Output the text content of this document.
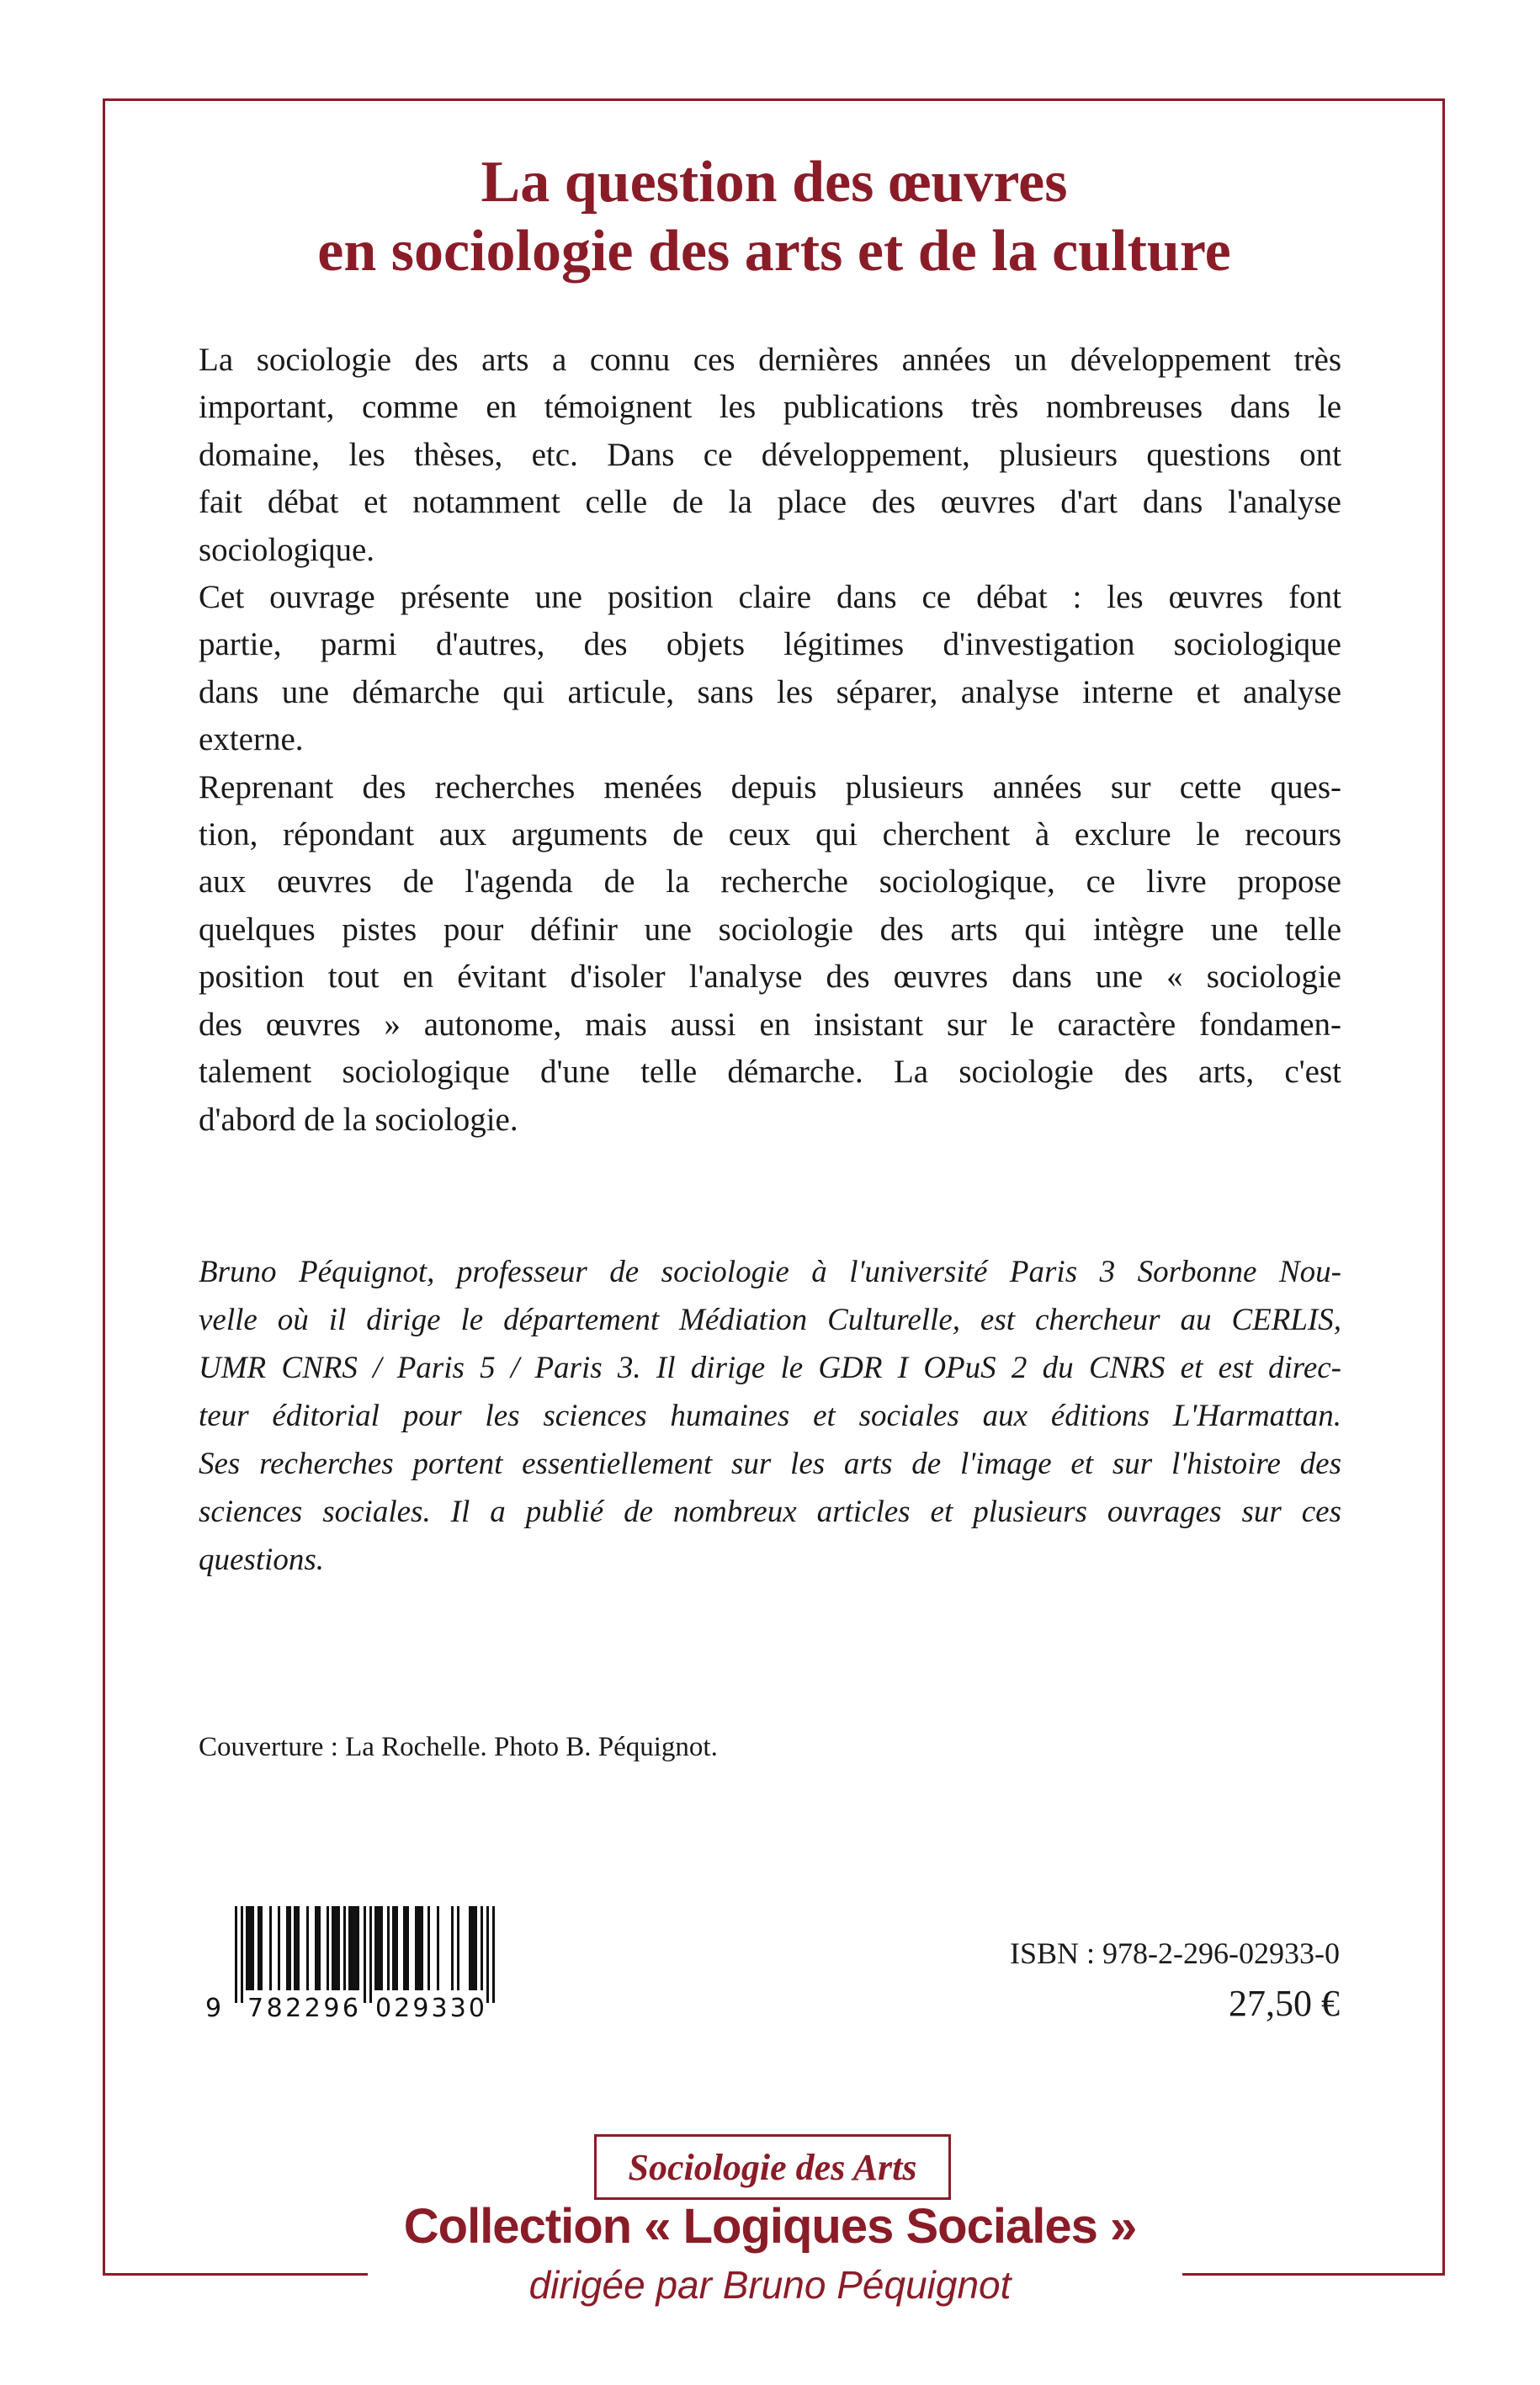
La question des œuvres
en sociologie des arts et de la culture
La sociologie des arts a connu ces dernières années un développement très
important, comme en témoignent les publications très nombreuses dans le
domaine, les thèses, etc. Dans ce développement, plusieurs questions ont
fait débat et notamment celle de la place des œuvres d'art dans l'analyse
sociologique.
Cet ouvrage présente une position claire dans ce débat : les œuvres font
partie, parmi d'autres, des objets légitimes d'investigation sociologique
dans une démarche qui articule, sans les séparer, analyse interne et analyse
externe.
Reprenant des recherches menées depuis plusieurs années sur cette ques-
tion, répondant aux arguments de ceux qui cherchent à exclure le recours
aux œuvres de l'agenda de la recherche sociologique, ce livre propose
quelques pistes pour définir une sociologie des arts qui intègre une telle
position tout en évitant d'isoler l'analyse des œuvres dans une « sociologie
des œuvres » autonome, mais aussi en insistant sur le caractère fondamen-
talement sociologique d'une telle démarche. La sociologie des arts, c'est
d'abord de la sociologie.
Bruno Péquignot, professeur de sociologie à l'université Paris 3 Sorbonne Nou-
velle où il dirige le département Médiation Culturelle, est chercheur au CERLIS,
UMR CNRS / Paris 5 / Paris 3. Il dirige le GDR I OPuS 2 du CNRS et est direc-
teur éditorial pour les sciences humaines et sociales aux éditions L'Harmattan.
Ses recherches portent essentiellement sur les arts de l'image et sur l'histoire des
sciences sociales. Il a publié de nombreux articles et plusieurs ouvrages sur ces
questions.
Couverture : La Rochelle. Photo B. Péquignot.
9 782296 029330
ISBN : 978-2-296-02933-0
27,50 €
Sociologie des Arts
Collection « Logiques Sociales »
dirigée par Bruno Péquignot
